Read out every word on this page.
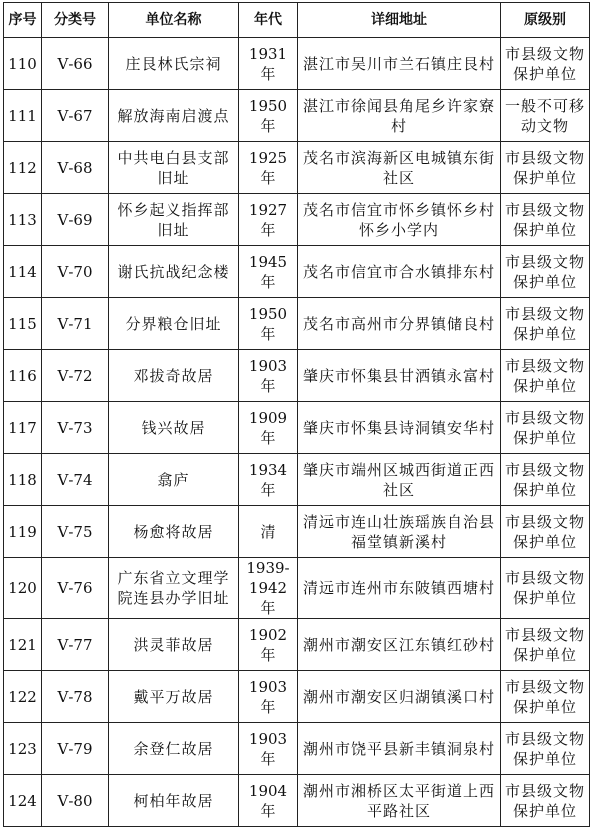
序号	分类号	单位名称	年代	详细地址	原级别
110	Ⅴ-66	庄艮林氏宗祠	1931 年	湛江市吴川市兰石镇庄艮村	市县级文物保护单位
111	Ⅴ-67	解放海南启渡点	1950 年	湛江市徐闻县角尾乡许家寮村	一般不可移动文物
112	Ⅴ-68	中共电白县支部旧址	1925 年	茂名市滨海新区电城镇东街社区	市县级文物保护单位
113	Ⅴ-69	怀乡起义指挥部旧址	1927 年	茂名市信宜市怀乡镇怀乡村怀乡小学内	市县级文物保护单位
114	Ⅴ-70	谢氏抗战纪念楼	1945 年	茂名市信宜市合水镇排东村	市县级文物保护单位
115	Ⅴ-71	分界粮仓旧址	1950 年	茂名市高州市分界镇储良村	市县级文物保护单位
116	Ⅴ-72	邓拔奇故居	1903 年	肇庆市怀集县甘洒镇永富村	市县级文物保护单位
117	Ⅴ-73	钱兴故居	1909 年	肇庆市怀集县诗洞镇安华村	市县级文物保护单位
118	Ⅴ-74	翕庐	1934 年	肇庆市端州区城西街道正西社区	市县级文物保护单位
119	Ⅴ-75	杨愈将故居	清	清远市连山壮族瑶族自治县福堂镇新溪村	市县级文物保护单位
120	Ⅴ-76	广东省立文理学院连县办学旧址	1939-1942 年	清远市连州市东陂镇西塘村	市县级文物保护单位
121	Ⅴ-77	洪灵菲故居	1902 年	潮州市潮安区江东镇红砂村	市县级文物保护单位
122	Ⅴ-78	戴平万故居	1903 年	潮州市潮安区归湖镇溪口村	市县级文物保护单位
123	Ⅴ-79	余登仁故居	1903 年	潮州市饶平县新丰镇洞泉村	市县级文物保护单位
124	Ⅴ-80	柯柏年故居	1904 年	潮州市湘桥区太平街道上西平路社区	市县级文物保护单位
